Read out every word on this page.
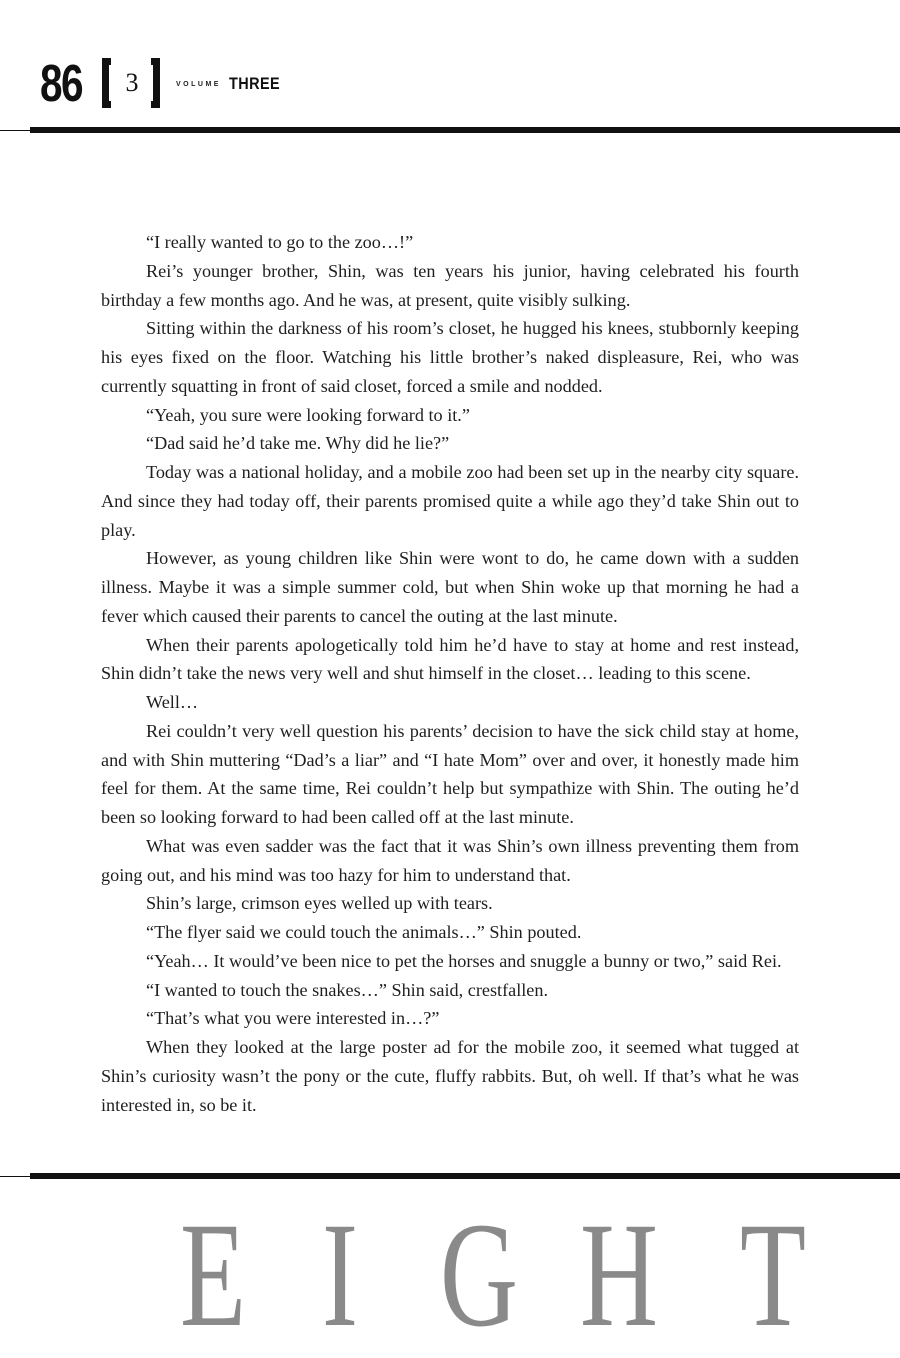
86	3	VOLUME THREE

“I really wanted to go to the zoo…!”

Rei’s younger brother, Shin, was ten years his junior, having celebrated his fourth birthday a few months ago. And he was, at present, quite visibly sulking.

Sitting within the darkness of his room’s closet, he hugged his knees, stubbornly keeping his eyes fixed on the floor. Watching his little brother’s naked displeasure, Rei, who was currently squatting in front of said closet, forced a smile and nodded.

“Yeah, you sure were looking forward to it.”

“Dad said he’d take me. Why did he lie?”

Today was a national holiday, and a mobile zoo had been set up in the nearby city square. And since they had today off, their parents promised quite a while ago they’d take Shin out to play.

However, as young children like Shin were wont to do, he came down with a sudden illness. Maybe it was a simple summer cold, but when Shin woke up that morning he had a fever which caused their parents to cancel the outing at the last minute.

When their parents apologetically told him he’d have to stay at home and rest instead, Shin didn’t take the news very well and shut himself in the closet… leading to this scene.

Well…

Rei couldn’t very well question his parents’ decision to have the sick child stay at home, and with Shin muttering “Dad’s a liar” and “I hate Mom” over and over, it honestly made him feel for them. At the same time, Rei couldn’t help but sympathize with Shin. The outing he’d been so looking forward to had been called off at the last minute.

What was even sadder was the fact that it was Shin’s own illness preventing them from going out, and his mind was too hazy for him to understand that.

Shin’s large, crimson eyes welled up with tears.

“The flyer said we could touch the animals…” Shin pouted.

“Yeah… It would’ve been nice to pet the horses and snuggle a bunny or two,” said Rei.

“I wanted to touch the snakes…” Shin said, crestfallen.

“That’s what you were interested in…?”

When they looked at the large poster ad for the mobile zoo, it seemed what tugged at Shin’s curiosity wasn’t the pony or the cute, fluffy rabbits. But, oh well. If that’s what he was interested in, so be it.

E I G H T
